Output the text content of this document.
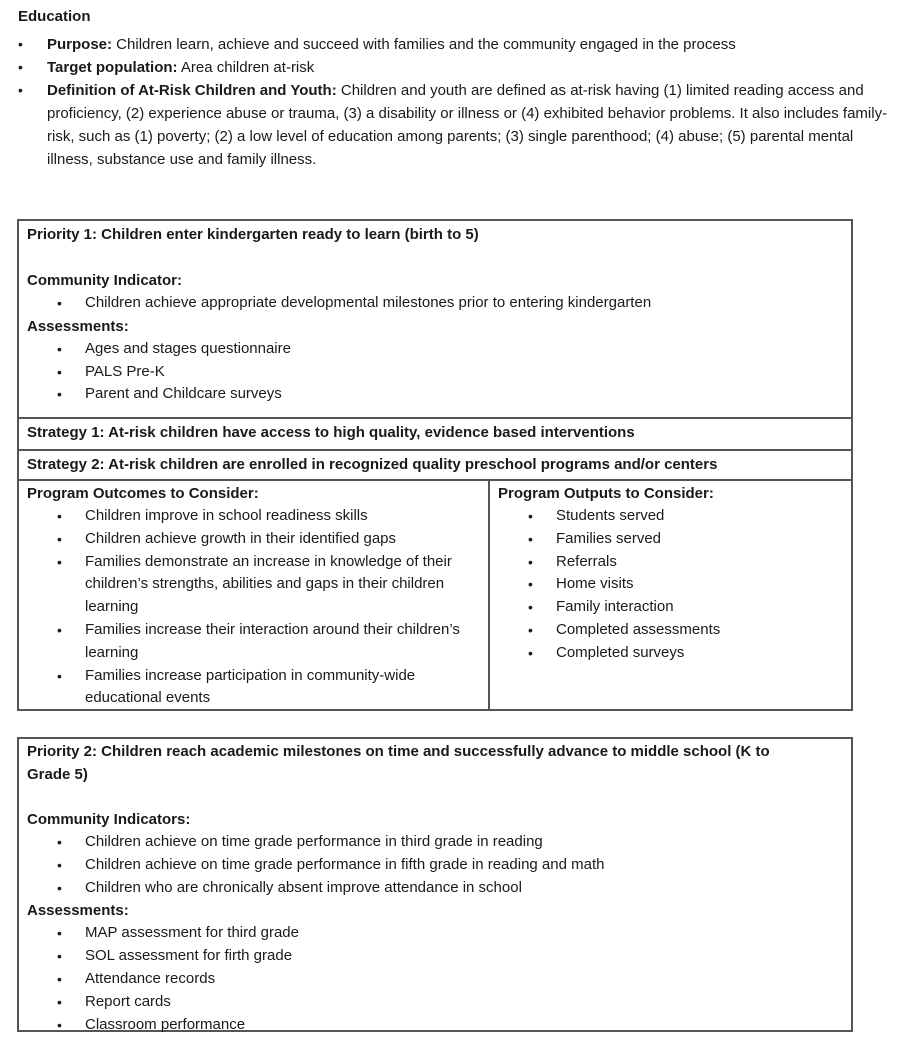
Education
• Purpose: Children learn, achieve and succeed with families and the community engaged in the process
• Target population: Area children at-risk
• Definition of At-Risk Children and Youth: Children and youth are defined as at-risk having (1) limited reading access and proficiency, (2) experience abuse or trauma, (3) a disability or illness or (4) exhibited behavior problems. It also includes family-risk, such as (1) poverty; (2) a low level of education among parents; (3) single parenthood; (4) abuse; (5) parental mental illness, substance use and family illness.
Priority 1: Children enter kindergarten ready to learn (birth to 5)
Community Indicator:
• Children achieve appropriate developmental milestones prior to entering kindergarten
Assessments:
• Ages and stages questionnaire
• PALS Pre-K
• Parent and Childcare surveys
Strategy 1: At-risk children have access to high quality, evidence based interventions
Strategy 2: At-risk children are enrolled in recognized quality preschool programs and/or centers
Program Outcomes to Consider:
• Children improve in school readiness skills
• Children achieve growth in their identified gaps
• Families demonstrate an increase in knowledge of their children’s strengths, abilities and gaps in their children learning
• Families increase their interaction around their children’s learning
• Families increase participation in community-wide educational events
Program Outputs to Consider:
• Students served
• Families served
• Referrals
• Home visits
• Family interaction
• Completed assessments
• Completed surveys
Priority 2: Children reach academic milestones on time and successfully advance to middle school (K to Grade 5)
Community Indicators:
• Children achieve on time grade performance in third grade in reading
• Children achieve on time grade performance in fifth grade in reading and math
• Children who are chronically absent improve attendance in school
Assessments:
• MAP assessment for third grade
• SOL assessment for firth grade
• Attendance records
• Report cards
• Classroom performance
